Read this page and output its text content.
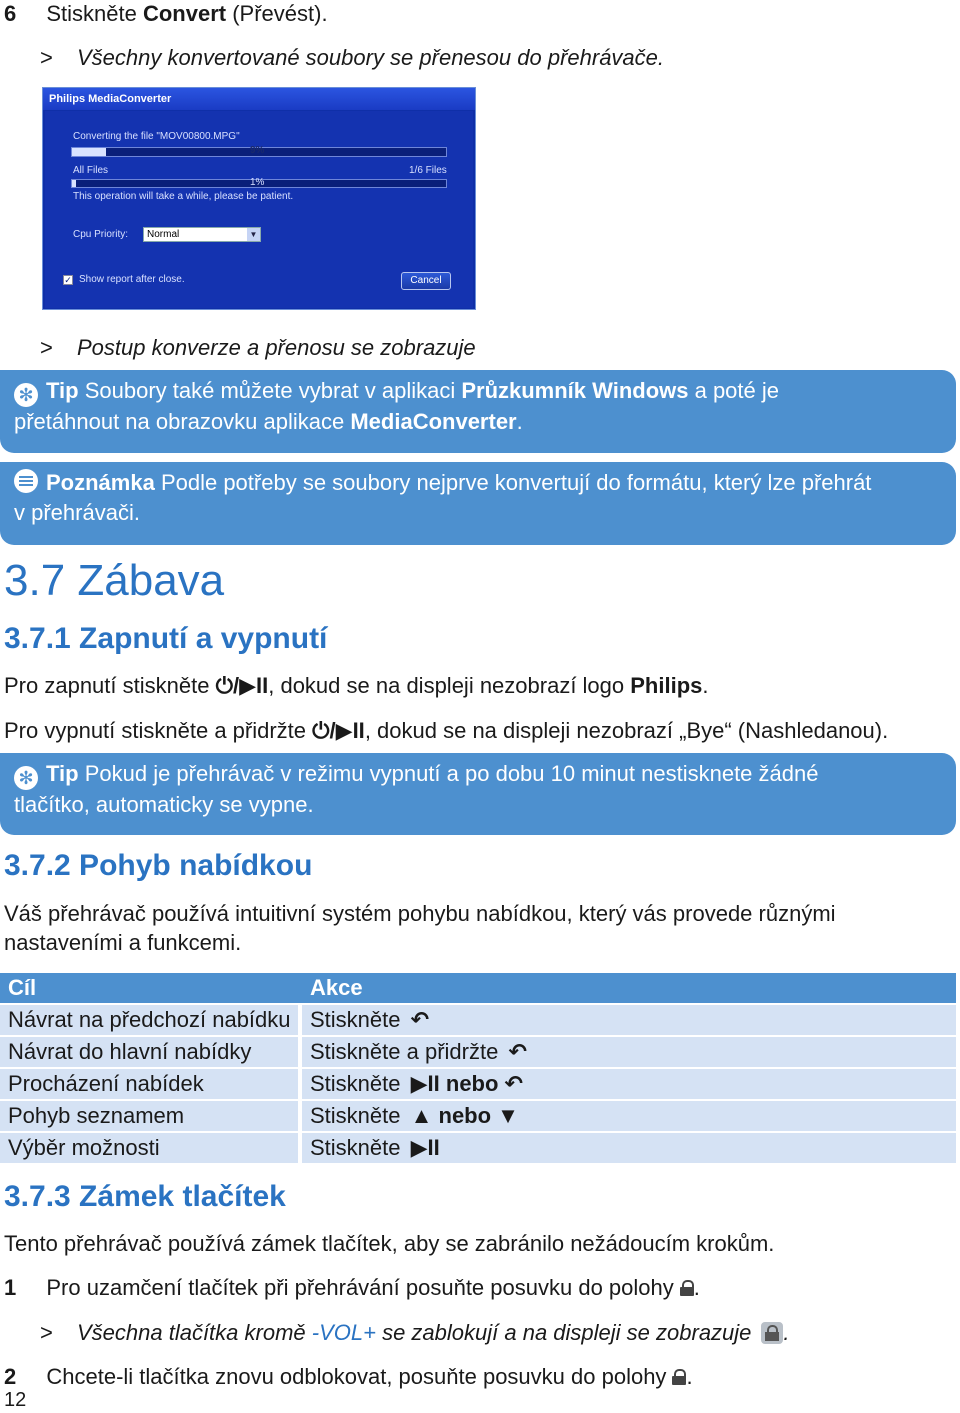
6 Stiskněte Convert (Převést).
> Všechny konvertované soubory se přenesou do přehrávače.
Philips MediaConverter
Converting the file "MOV00800.MPG"
9%
All Files	1/6 Files
1%
This operation will take a while, please be patient.
Cpu Priority:	Normal	▼
✓ Show report after close.	Cancel
> Postup konverze a přenosu se zobrazuje
✻ Tip Soubory také můžete vybrat v aplikaci Průzkumník Windows a poté je
přetáhnout na obrazovku aplikace MediaConverter.
Poznámka Podle potřeby se soubory nejprve konvertují do formátu, který lze přehrát
v přehrávači.
3.7 Zábava
3.7.1 Zapnutí a vypnutí
Pro zapnutí stiskněte ⏻/▶II, dokud se na displeji nezobrazí logo Philips.
Pro vypnutí stiskněte a přidržte ⏻/▶II, dokud se na displeji nezobrazí „Bye“ (Nashledanou).
✻ Tip Pokud je přehrávač v režimu vypnutí a po dobu 10 minut nestisknete žádné
tlačítko, automaticky se vypne.
3.7.2 Pohyb nabídkou
Váš přehrávač používá intuitivní systém pohybu nabídkou, který vás provede různými
nastaveními a funkcemi.
Cíl	Akce
Návrat na předchozí nabídku	Stiskněte ↶
Návrat do hlavní nabídky	Stiskněte a přidržte ↶
Procházení nabídek	Stiskněte ▶II nebo ↶
Pohyb seznamem	Stiskněte ▲ nebo ▼
Výběr možnosti	Stiskněte ▶II
3.7.3 Zámek tlačítek
Tento přehrávač používá zámek tlačítek, aby se zabránilo nežádoucím krokům.
1 Pro uzamčení tlačítek při přehrávání posuňte posuvku do polohy .
> Všechna tlačítka kromě -VOL+ se zablokují a na displeji se zobrazuje .
2 Chcete-li tlačítka znovu odblokovat, posuňte posuvku do polohy .
12
